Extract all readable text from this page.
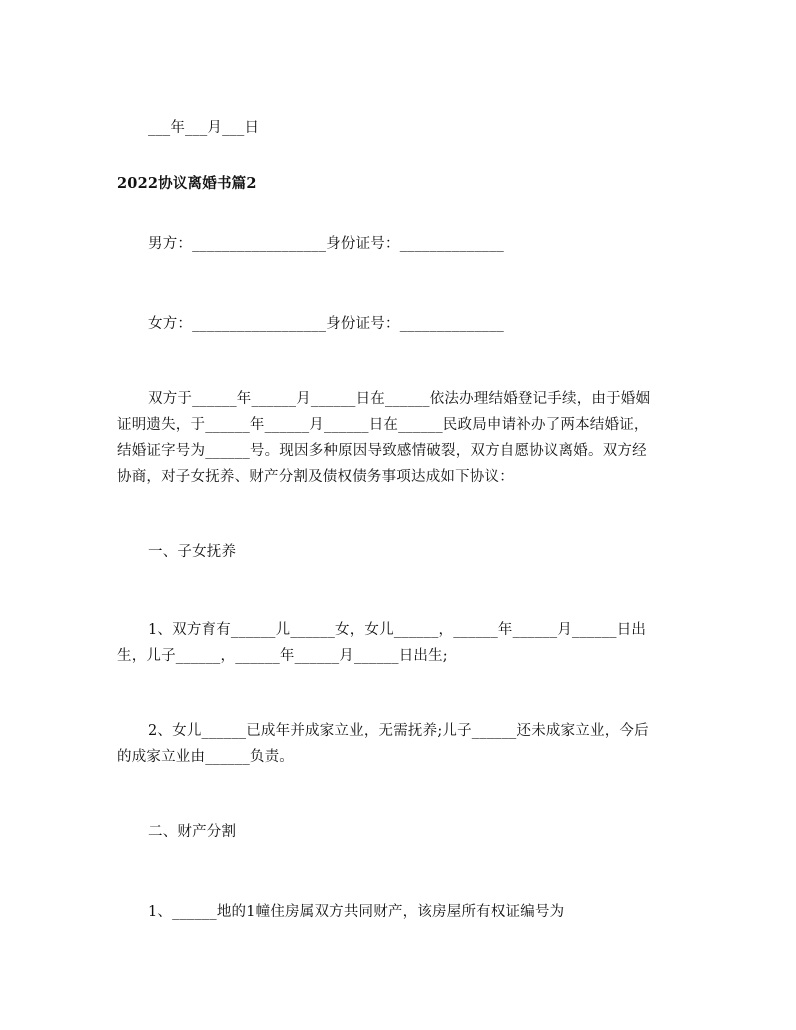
___年___月___日
2022协议离婚书篇2
男方：__________________身份证号：______________
女方：__________________身份证号：______________
双方于______年______月______日在______依法办理结婚登记手续，由于婚姻
证明遗失，于______年______月______日在______民政局申请补办了两本结婚证，
结婚证字号为______号。现因多种原因导致感情破裂，双方自愿协议离婚。双方经
协商，对子女抚养、财产分割及债权债务事项达成如下协议：
一、子女抚养
1、双方育有______儿______女，女儿______，______年______月______日出
生，儿子______，______年______月______日出生;
2、女儿______已成年并成家立业，无需抚养;儿子______还未成家立业，今后
的成家立业由______负责。
二、财产分割
1、______地的1幢住房属双方共同财产，该房屋所有权证编号为
